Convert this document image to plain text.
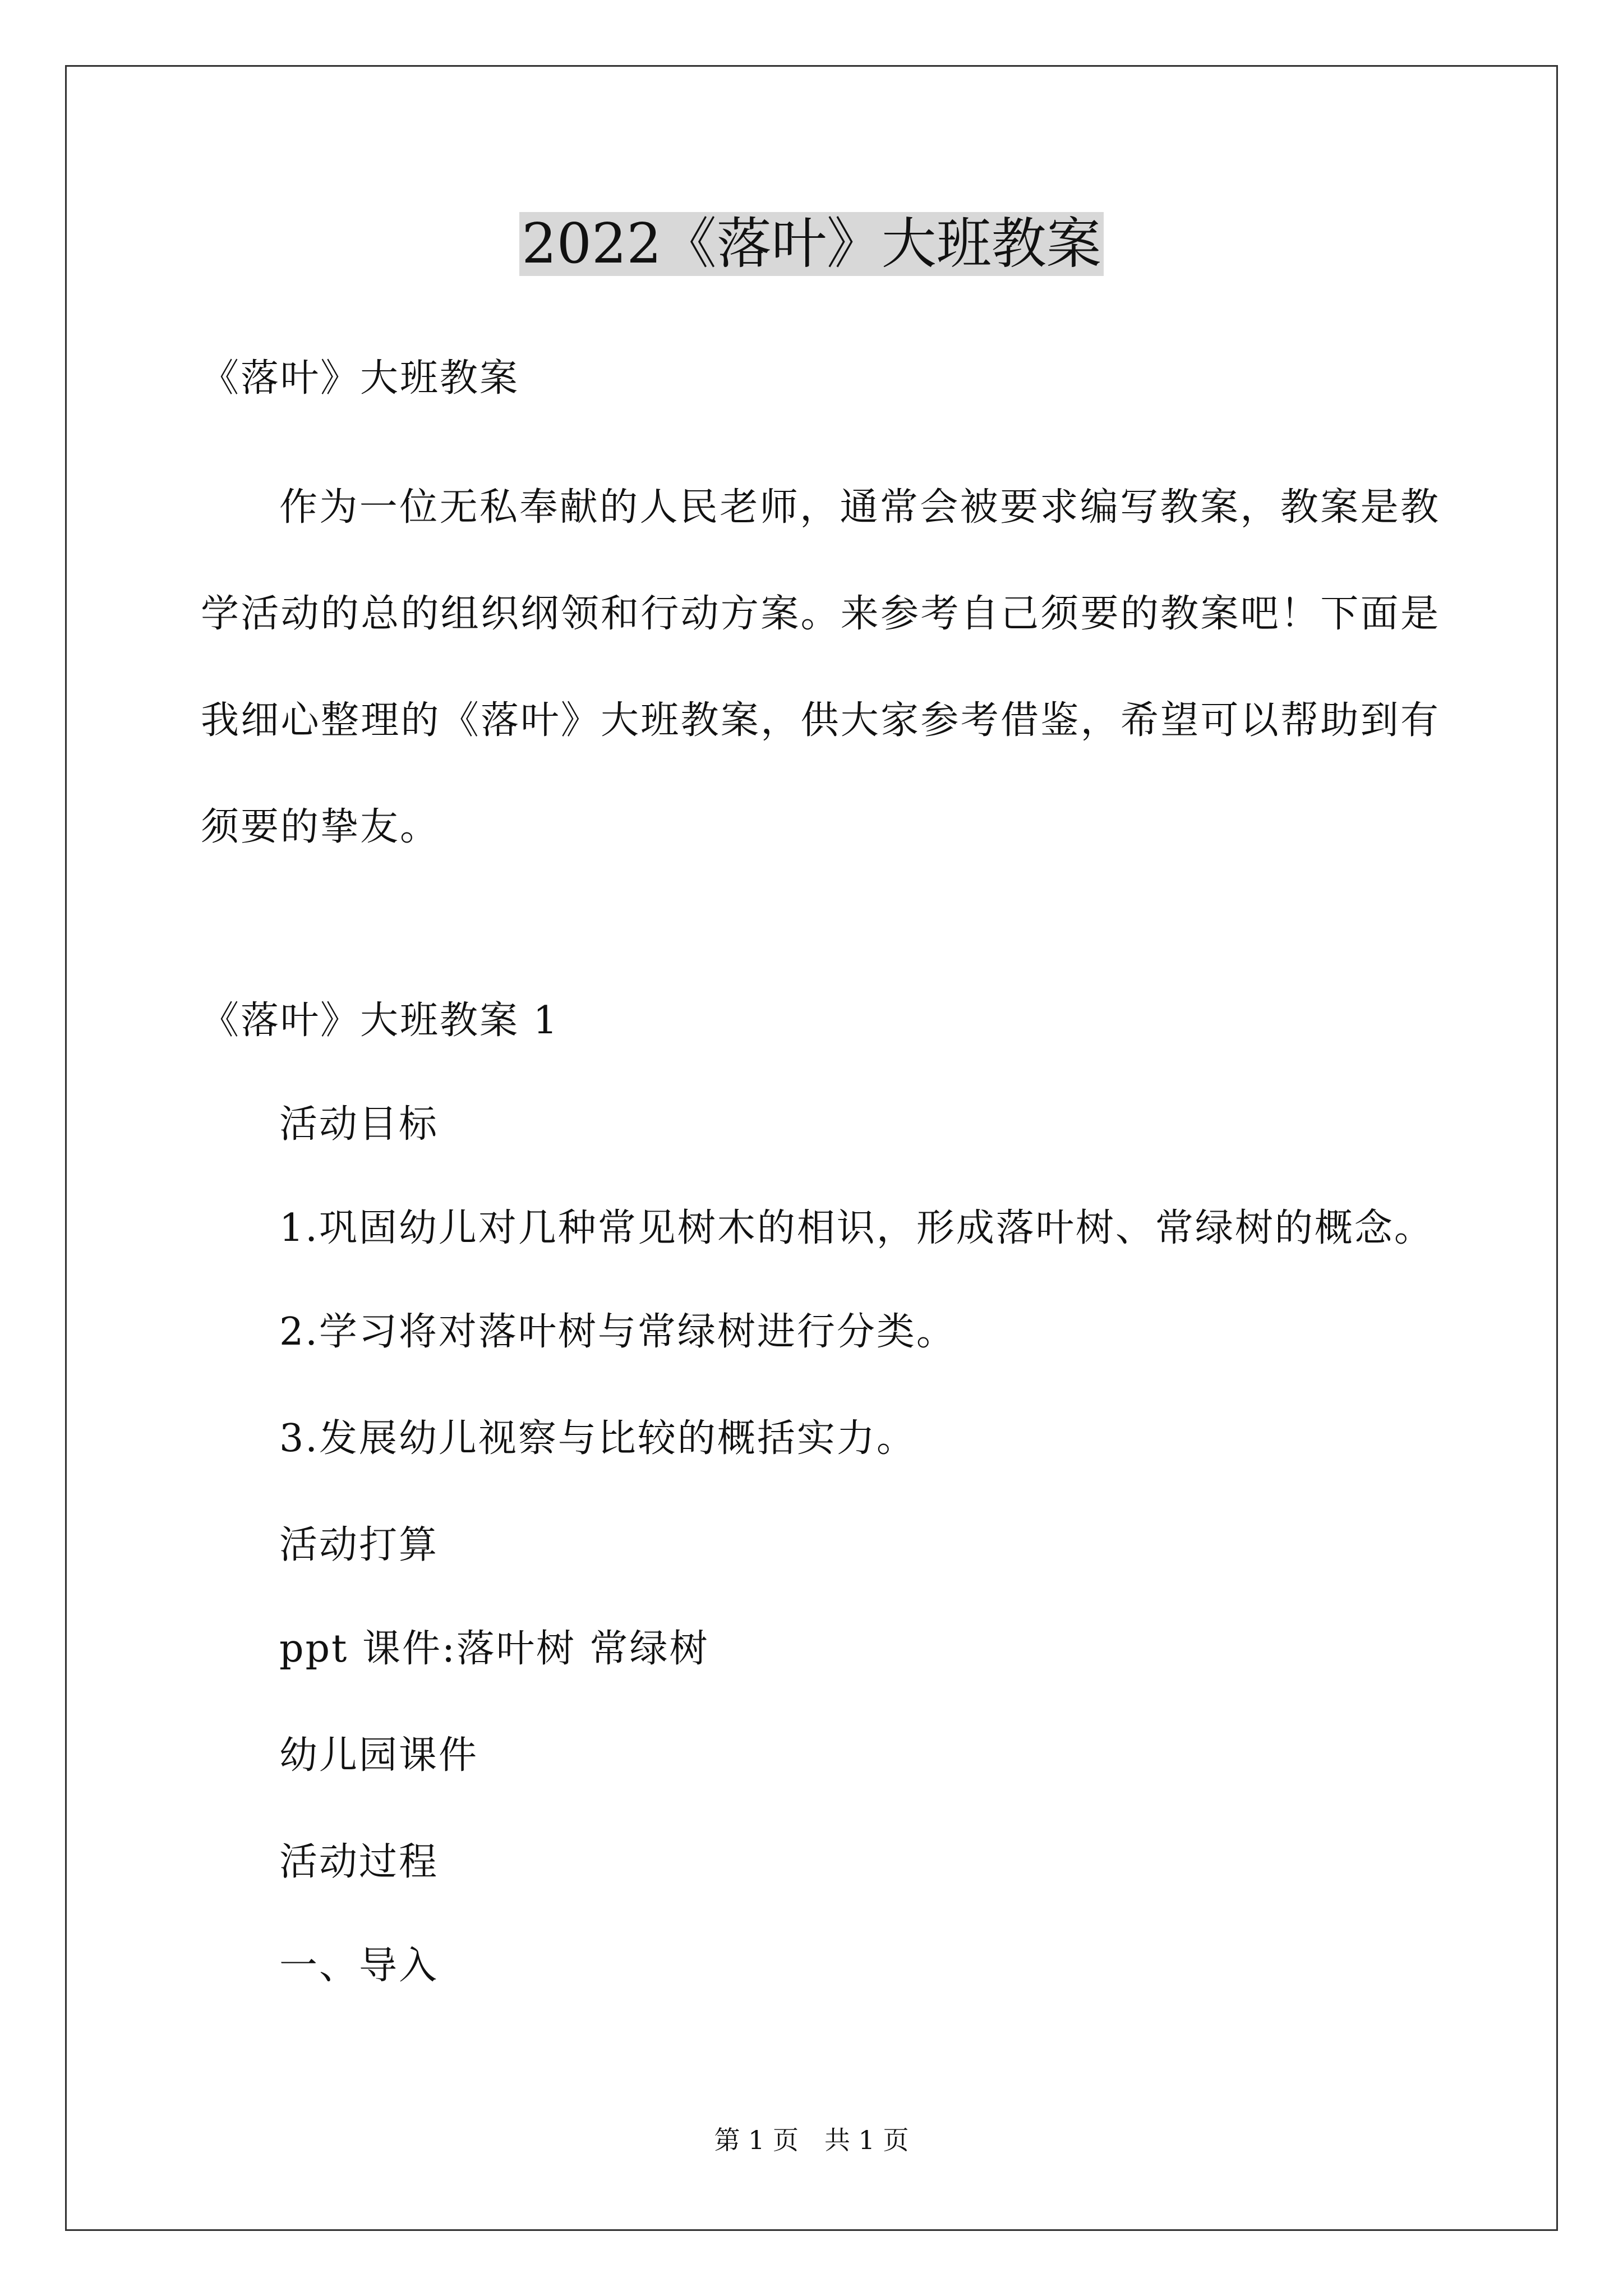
2022《落叶》大班教案
《落叶》大班教案

作为一位无私奉献的人民老师，通常会被要求编写教案，教案是教学活动的总的组织纲领和行动方案。来参考自己须要的教案吧！下面是我细心整理的《落叶》大班教案，供大家参考借鉴，希望可以帮助到有须要的挚友。

《落叶》大班教案 1
活动目标
1.巩固幼儿对几种常见树木的相识，形成落叶树、常绿树的概念。
2.学习将对落叶树与常绿树进行分类。
3.发展幼儿视察与比较的概括实力。
活动打算
ppt 课件:落叶树 常绿树
幼儿园课件
活动过程
一、导入
第 1 页　共 1 页
